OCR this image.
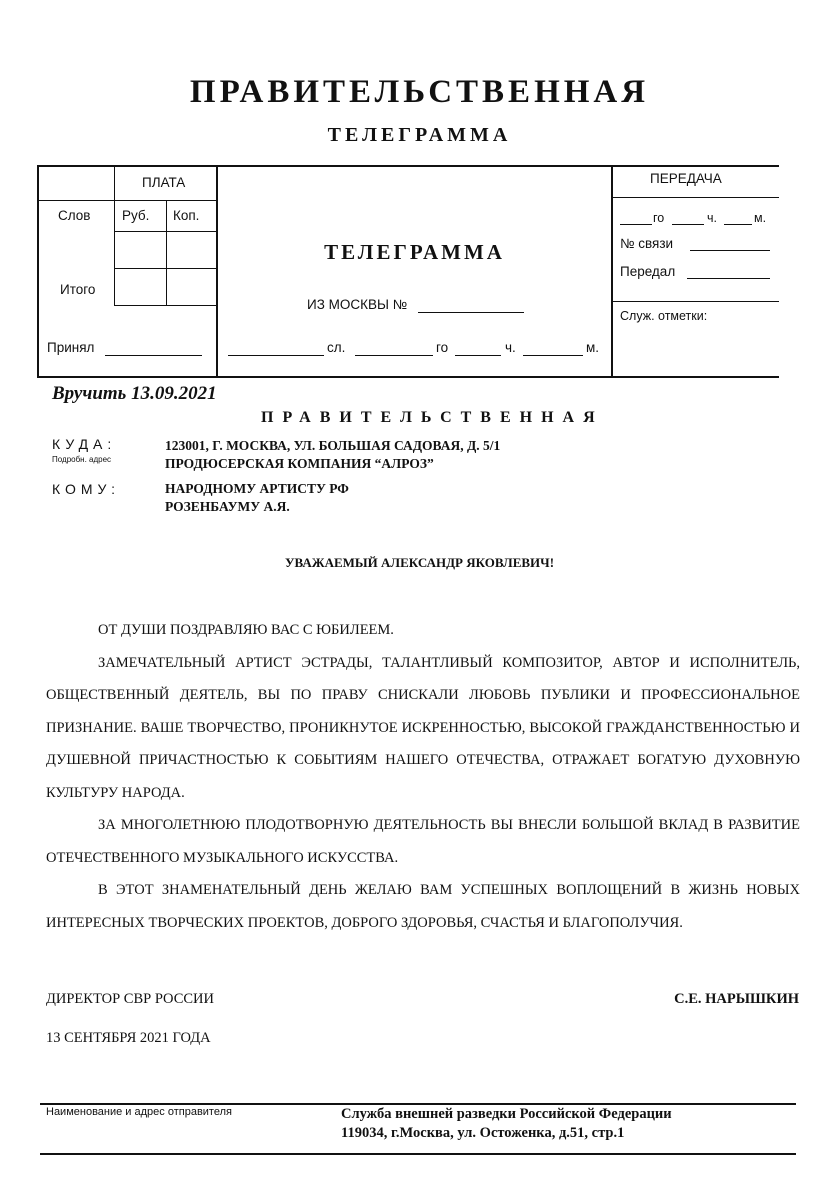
ПРАВИТЕЛЬСТВЕННАЯ
ТЕЛЕГРАММА
ПЛАТА
Слов Руб. Коп.
Итого
Принял
ТЕЛЕГРАММА
ИЗ МОСКВЫ №
сл.	го	ч.	м.
ПЕРЕДАЧА
го	ч.	м.
№ связи
Передал
Служ. отметки:
Вручить 13.09.2021
ПРАВИТЕЛЬСТВЕННАЯ
КУДА:
Подробн. адрес
123001, Г. МОСКВА, УЛ. БОЛЬШАЯ САДОВАЯ, Д. 5/1
ПРОДЮСЕРСКАЯ КОМПАНИЯ “АЛРОЗ”
КОМУ:	НАРОДНОМУ АРТИСТУ РФ
РОЗЕНБАУМУ А.Я.
УВАЖАЕМЫЙ АЛЕКСАНДР ЯКОВЛЕВИЧ!

ОТ ДУШИ ПОЗДРАВЛЯЮ ВАС С ЮБИЛЕЕМ.

ЗАМЕЧАТЕЛЬНЫЙ АРТИСТ ЭСТРАДЫ, ТАЛАНТЛИВЫЙ КОМПОЗИТОР, АВТОР И ИСПОЛНИТЕЛЬ, ОБЩЕСТВЕННЫЙ ДЕЯТЕЛЬ, ВЫ ПО ПРАВУ СНИСКАЛИ ЛЮБОВЬ ПУБЛИКИ И ПРОФЕССИОНАЛЬНОЕ ПРИЗНАНИЕ. ВАШЕ ТВОРЧЕСТВО, ПРОНИКНУТОЕ ИСКРЕННОСТЬЮ, ВЫСОКОЙ ГРАЖДАНСТВЕННОСТЬЮ И ДУШЕВНОЙ ПРИЧАСТНОСТЬЮ К СОБЫТИЯМ НАШЕГО ОТЕЧЕСТВА, ОТРАЖАЕТ БОГАТУЮ ДУХОВНУЮ КУЛЬТУРУ НАРОДА.

ЗА МНОГОЛЕТНЮЮ ПЛОДОТВОРНУЮ ДЕЯТЕЛЬНОСТЬ ВЫ ВНЕСЛИ БОЛЬШОЙ ВКЛАД В РАЗВИТИЕ ОТЕЧЕСТВЕННОГО МУЗЫКАЛЬНОГО ИСКУССТВА.

В ЭТОТ ЗНАМЕНАТЕЛЬНЫЙ ДЕНЬ ЖЕЛАЮ ВАМ УСПЕШНЫХ ВОПЛОЩЕНИЙ В ЖИЗНЬ НОВЫХ ИНТЕРЕСНЫХ ТВОРЧЕСКИХ ПРОЕКТОВ, ДОБРОГО ЗДОРОВЬЯ, СЧАСТЬЯ И БЛАГОПОЛУЧИЯ.

ДИРЕКТОР СВР РОССИИ	С.Е. НАРЫШКИН
13 СЕНТЯБРЯ 2021 ГОДА
Наименование и адрес отправителя	Служба внешней разведки Российской Федерации
119034, г.Москва, ул. Остоженка, д.51, стр.1
